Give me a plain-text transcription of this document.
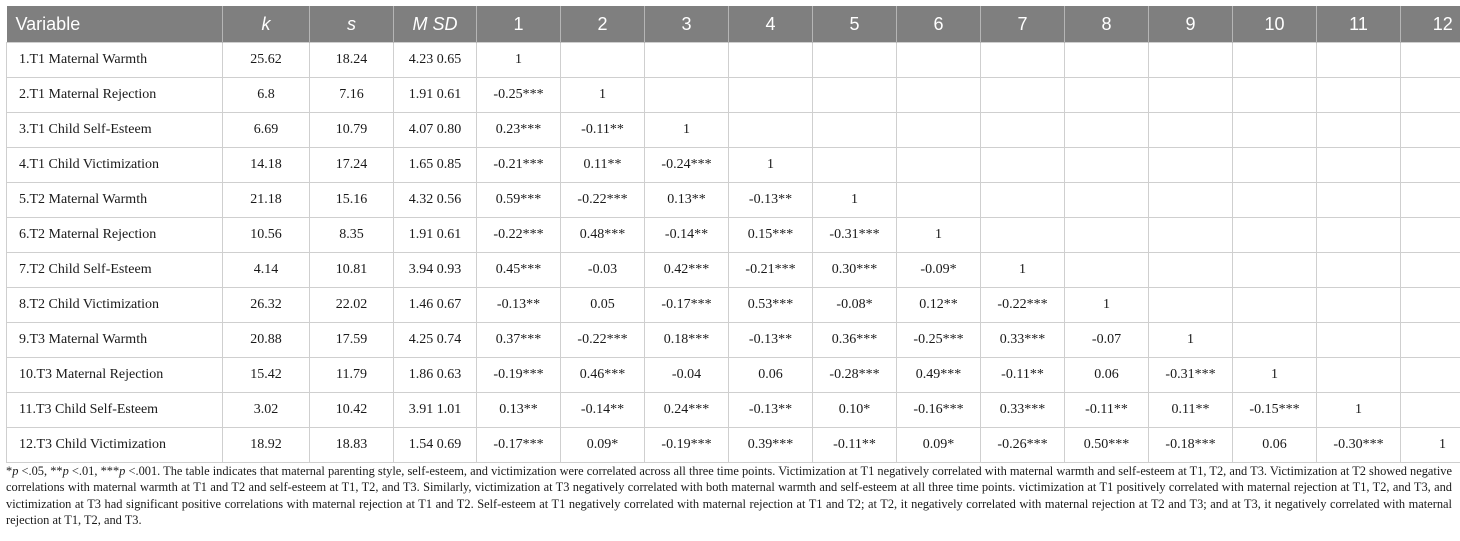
Variable	k	s	M SD	1	2	3	4	5	6	7	8	9	10	11	12
1.T1 Maternal Warmth	25.62	18.24	4.23 0.65	1											
2.T1 Maternal Rejection	6.8	7.16	1.91 0.61	-0.25***	1										
3.T1 Child Self-Esteem	6.69	10.79	4.07 0.80	0.23***	-0.11**	1									
4.T1 Child Victimization	14.18	17.24	1.65 0.85	-0.21***	0.11**	-0.24***	1								
5.T2 Maternal Warmth	21.18	15.16	4.32 0.56	0.59***	-0.22***	0.13**	-0.13**	1							
6.T2 Maternal Rejection	10.56	8.35	1.91 0.61	-0.22***	0.48***	-0.14**	0.15***	-0.31***	1						
7.T2 Child Self-Esteem	4.14	10.81	3.94 0.93	0.45***	-0.03	0.42***	-0.21***	0.30***	-0.09*	1					
8.T2 Child Victimization	26.32	22.02	1.46 0.67	-0.13**	0.05	-0.17***	0.53***	-0.08*	0.12**	-0.22***	1				
9.T3 Maternal Warmth	20.88	17.59	4.25 0.74	0.37***	-0.22***	0.18***	-0.13**	0.36***	-0.25***	0.33***	-0.07	1			
10.T3 Maternal Rejection	15.42	11.79	1.86 0.63	-0.19***	0.46***	-0.04	0.06	-0.28***	0.49***	-0.11**	0.06	-0.31***	1		
11.T3 Child Self-Esteem	3.02	10.42	3.91 1.01	0.13**	-0.14**	0.24***	-0.13**	0.10*	-0.16***	0.33***	-0.11**	0.11**	-0.15***	1	
12.T3 Child Victimization	18.92	18.83	1.54 0.69	-0.17***	0.09*	-0.19***	0.39***	-0.11**	0.09*	-0.26***	0.50***	-0.18***	0.06	-0.30***	1
*p <.05, **p <.01, ***p <.001. The table indicates that maternal parenting style, self-esteem, and victimization were correlated across all three time points. Victimization at T1 negatively correlated with maternal warmth and self-esteem at T1, T2, and T3. Victimization at T2 showed negative correlations with maternal warmth at T1 and T2 and self-esteem at T1, T2, and T3. Similarly, victimization at T3 negatively correlated with both maternal warmth and self-esteem at all three time points. victimization at T1 positively correlated with maternal rejection at T1, T2, and T3, and victimization at T3 had significant positive correlations with maternal rejection at T1 and T2. Self-esteem at T1 negatively correlated with maternal rejection at T1 and T2; at T2, it negatively correlated with maternal rejection at T2 and T3; and at T3, it negatively correlated with maternal rejection at T1, T2, and T3.
